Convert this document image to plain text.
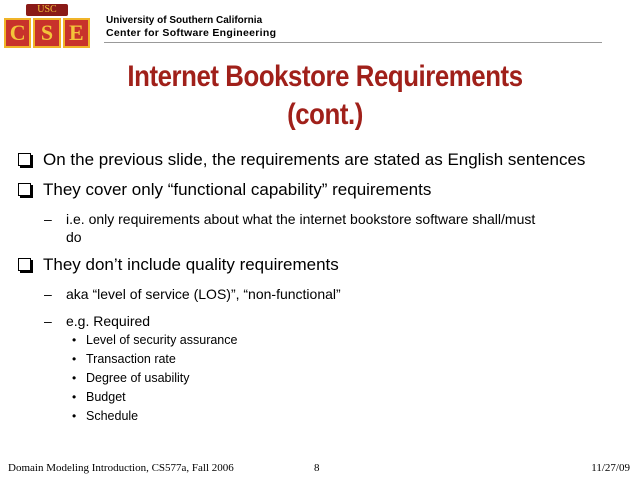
USC
C S E	University of Southern California
Center for Software Engineering
Internet Bookstore Requirements
(cont.)
On the previous slide, the requirements are stated as English sentences
They cover only “functional capability” requirements
– i.e. only requirements about what the internet bookstore software shall/must
do
They don’t include quality requirements
– aka “level of service (LOS)”, “non-functional”
– e.g. Required
• Level of security assurance
• Transaction rate
• Degree of usability
• Budget
• Schedule
Domain Modeling Introduction, CS577a, Fall 2006	8	11/27/09
